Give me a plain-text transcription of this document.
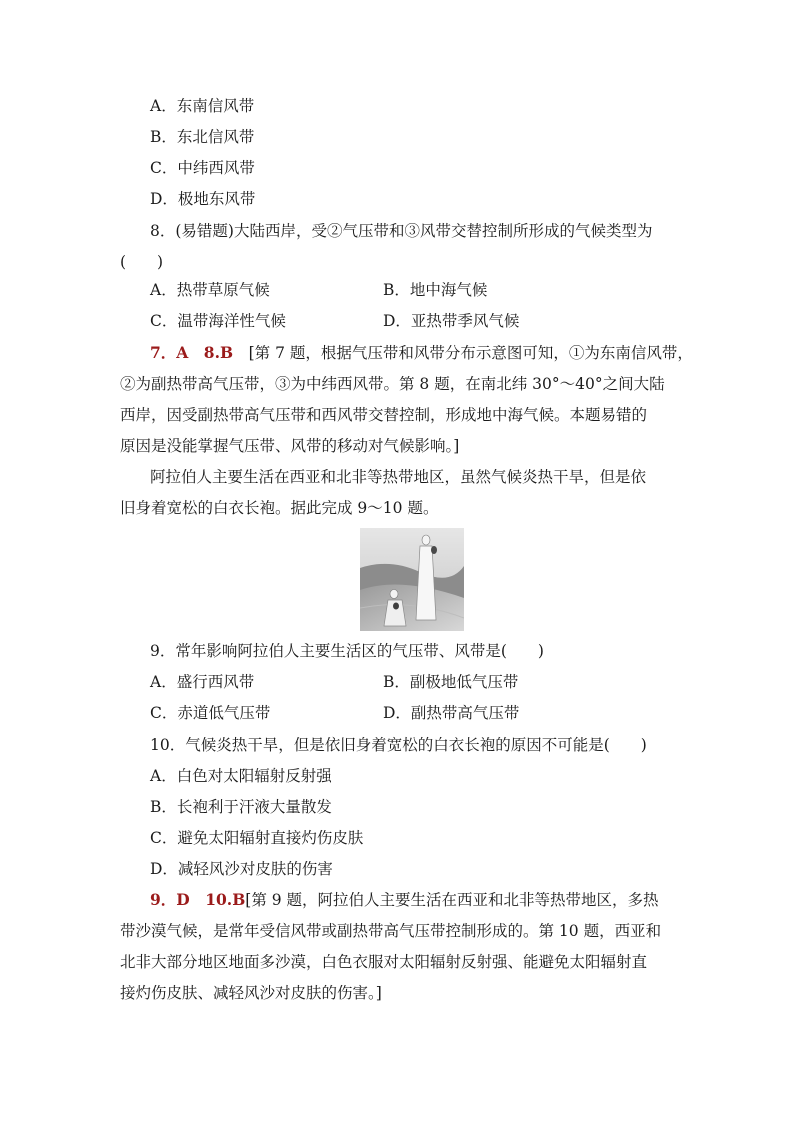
A．东南信风带
B．东北信风带
C．中纬西风带
D．极地东风带
8．(易错题)大陆西岸，受②气压带和③风带交替控制所形成的气候类型为
(　　)
A．热带草原气候	B．地中海气候
C．温带海洋性气候	D．亚热带季风气候
7．A　8.B　[第 7 题，根据气压带和风带分布示意图可知，①为东南信风带，
②为副热带高气压带，③为中纬西风带。第 8 题，在南北纬 30°～40°之间大陆
西岸，因受副热带高气压带和西风带交替控制，形成地中海气候。本题易错的
原因是没能掌握气压带、风带的移动对气候影响。]
阿拉伯人主要生活在西亚和北非等热带地区，虽然气候炎热干旱，但是依
旧身着宽松的白衣长袍。据此完成 9～10 题。
9．常年影响阿拉伯人主要生活区的气压带、风带是(　　)
A．盛行西风带	B．副极地低气压带
C．赤道低气压带	D．副热带高气压带
10．气候炎热干旱，但是依旧身着宽松的白衣长袍的原因不可能是(　　)
A．白色对太阳辐射反射强
B．长袍利于汗液大量散发
C．避免太阳辐射直接灼伤皮肤
D．减轻风沙对皮肤的伤害
9．D　10.B[第 9 题，阿拉伯人主要生活在西亚和北非等热带地区，多热
带沙漠气候，是常年受信风带或副热带高气压带控制形成的。第 10 题，西亚和
北非大部分地区地面多沙漠，白色衣服对太阳辐射反射强、能避免太阳辐射直
接灼伤皮肤、减轻风沙对皮肤的伤害。]
